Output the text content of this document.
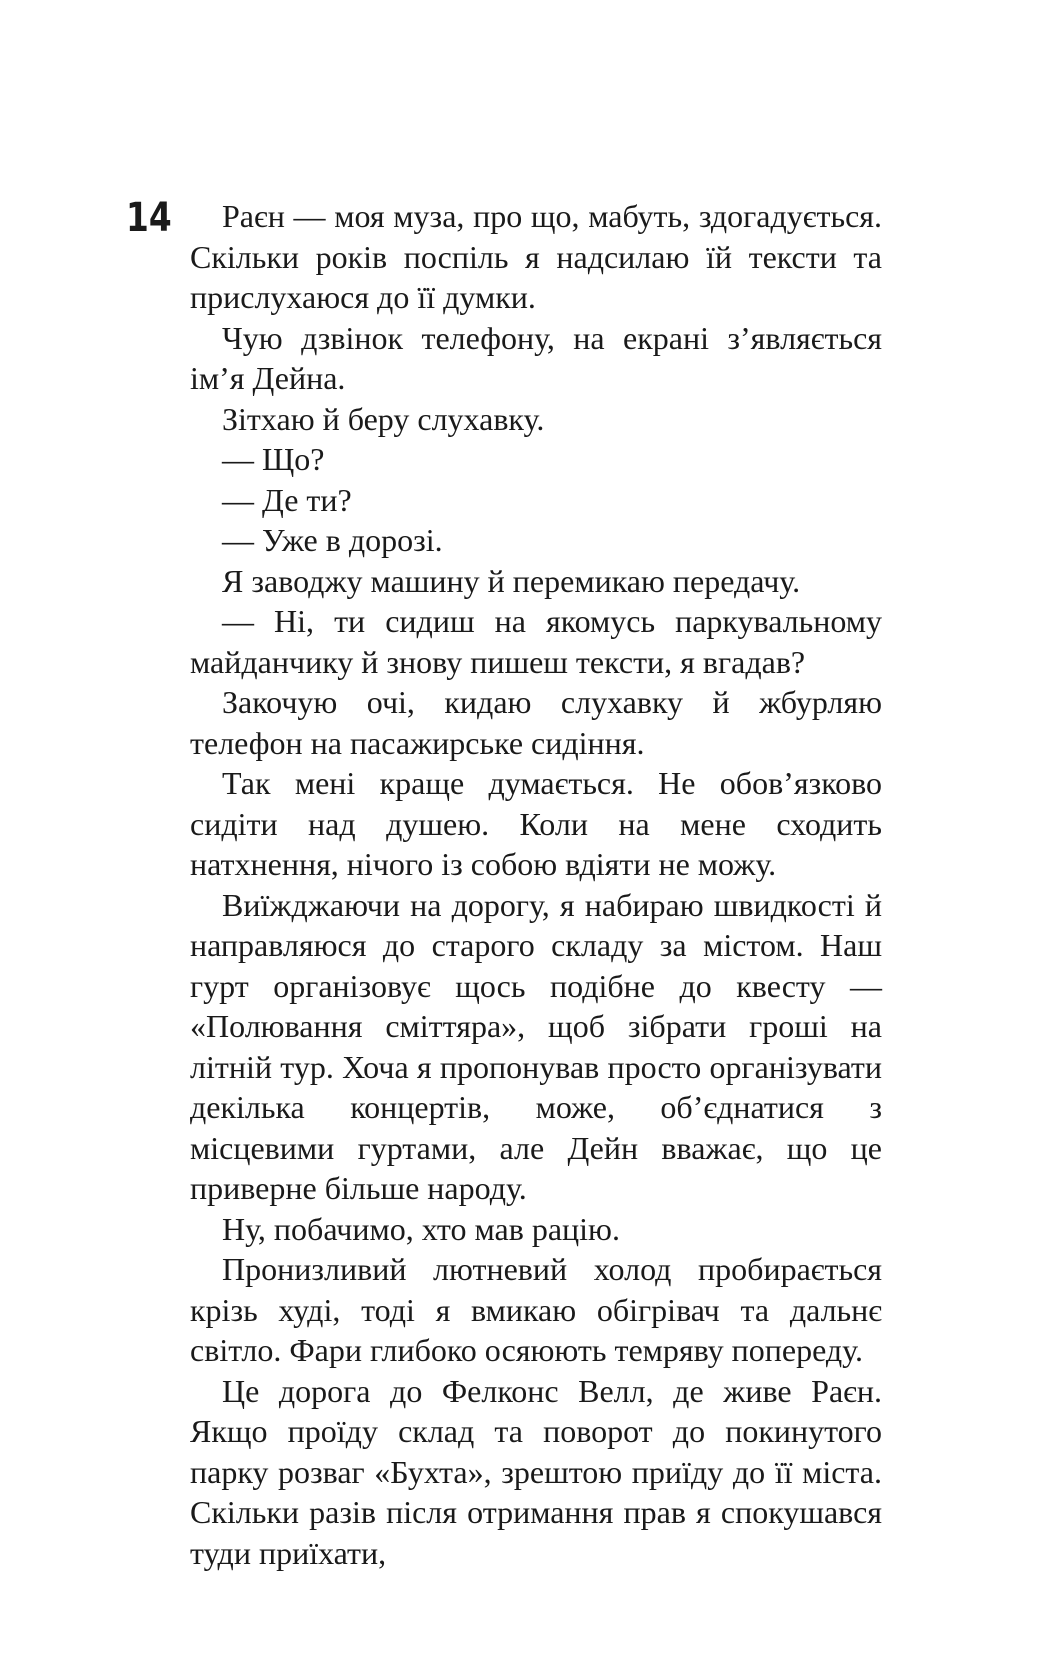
14	Раєн — моя муза, про що, мабуть, здогадується. Скільки років поспіль я надсилаю їй тексти та прислухаюся до її думки.

Чую дзвінок телефону, на екрані з’являється ім’я Дейна.

Зітхаю й беру слухавку.

— Що?

— Де ти?

— Уже в дорозі.

Я заводжу машину й перемикаю передачу.

— Ні, ти сидиш на якомусь паркувальному майданчику й знову пишеш тексти, я вгадав?

Закочую очі, кидаю слухавку й жбурляю телефон на пасажирське сидіння.

Так мені краще думається. Не обов’язково сидіти над душею. Коли на мене сходить натхнення, нічого із собою вдіяти не можу.

Виїжджаючи на дорогу, я набираю швидкості й направляюся до старого складу за містом. Наш гурт організовує щось подібне до квесту — «Полювання сміттяра», щоб зібрати гроші на літній тур. Хоча я пропонував просто організувати декілька концертів, може, об’єднатися з місцевими гуртами, але Дейн вважає, що це приверне більше народу.

Ну, побачимо, хто мав рацію.

Пронизливий лютневий холод пробирається крізь худі, тоді я вмикаю обігрівач та дальнє світло. Фари глибоко осяюють темряву попереду.

Це дорога до Фелконс Велл, де живе Раєн. Якщо проїду склад та поворот до покинутого парку розваг «Бухта», зрештою приїду до її міста. Скільки разів після отримання прав я спокушався туди приїхати,
